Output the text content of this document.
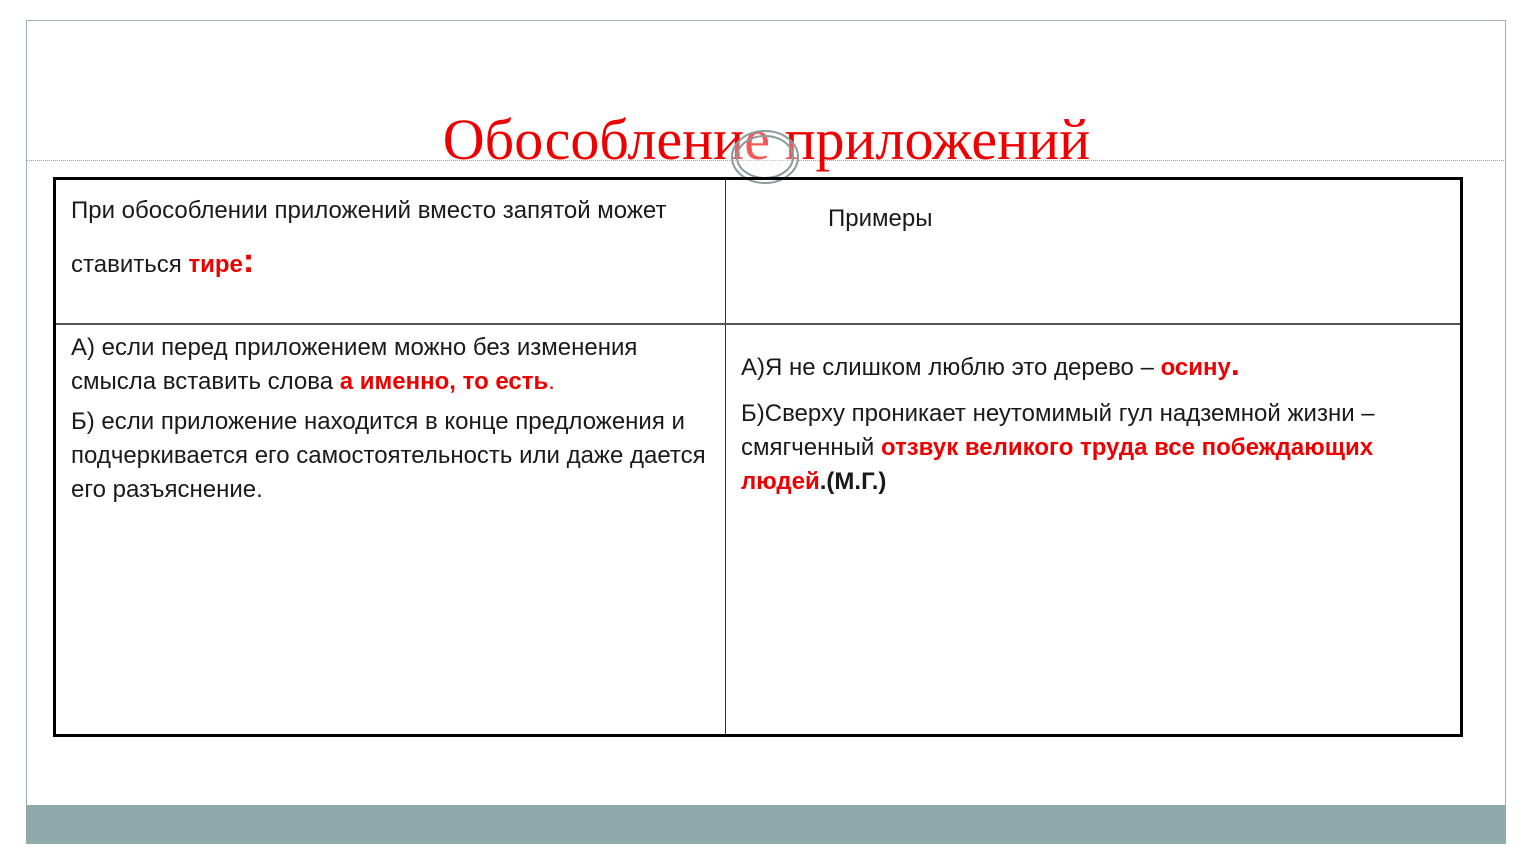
Обособление приложений
При обособлении приложений вместо запятой может ставиться тире:
Примеры

А) если перед приложением можно без изменения смысла вставить слова а именно, то есть.

Б) если приложение находится в конце предложения и подчеркивается его самостоятельность или даже дается его разъяснение.

А)Я не слишком люблю это дерево – осину.

Б)Сверху проникает неутомимый гул надземной жизни – смягченный отзвук великого труда все побеждающих людей.(М.Г.)
